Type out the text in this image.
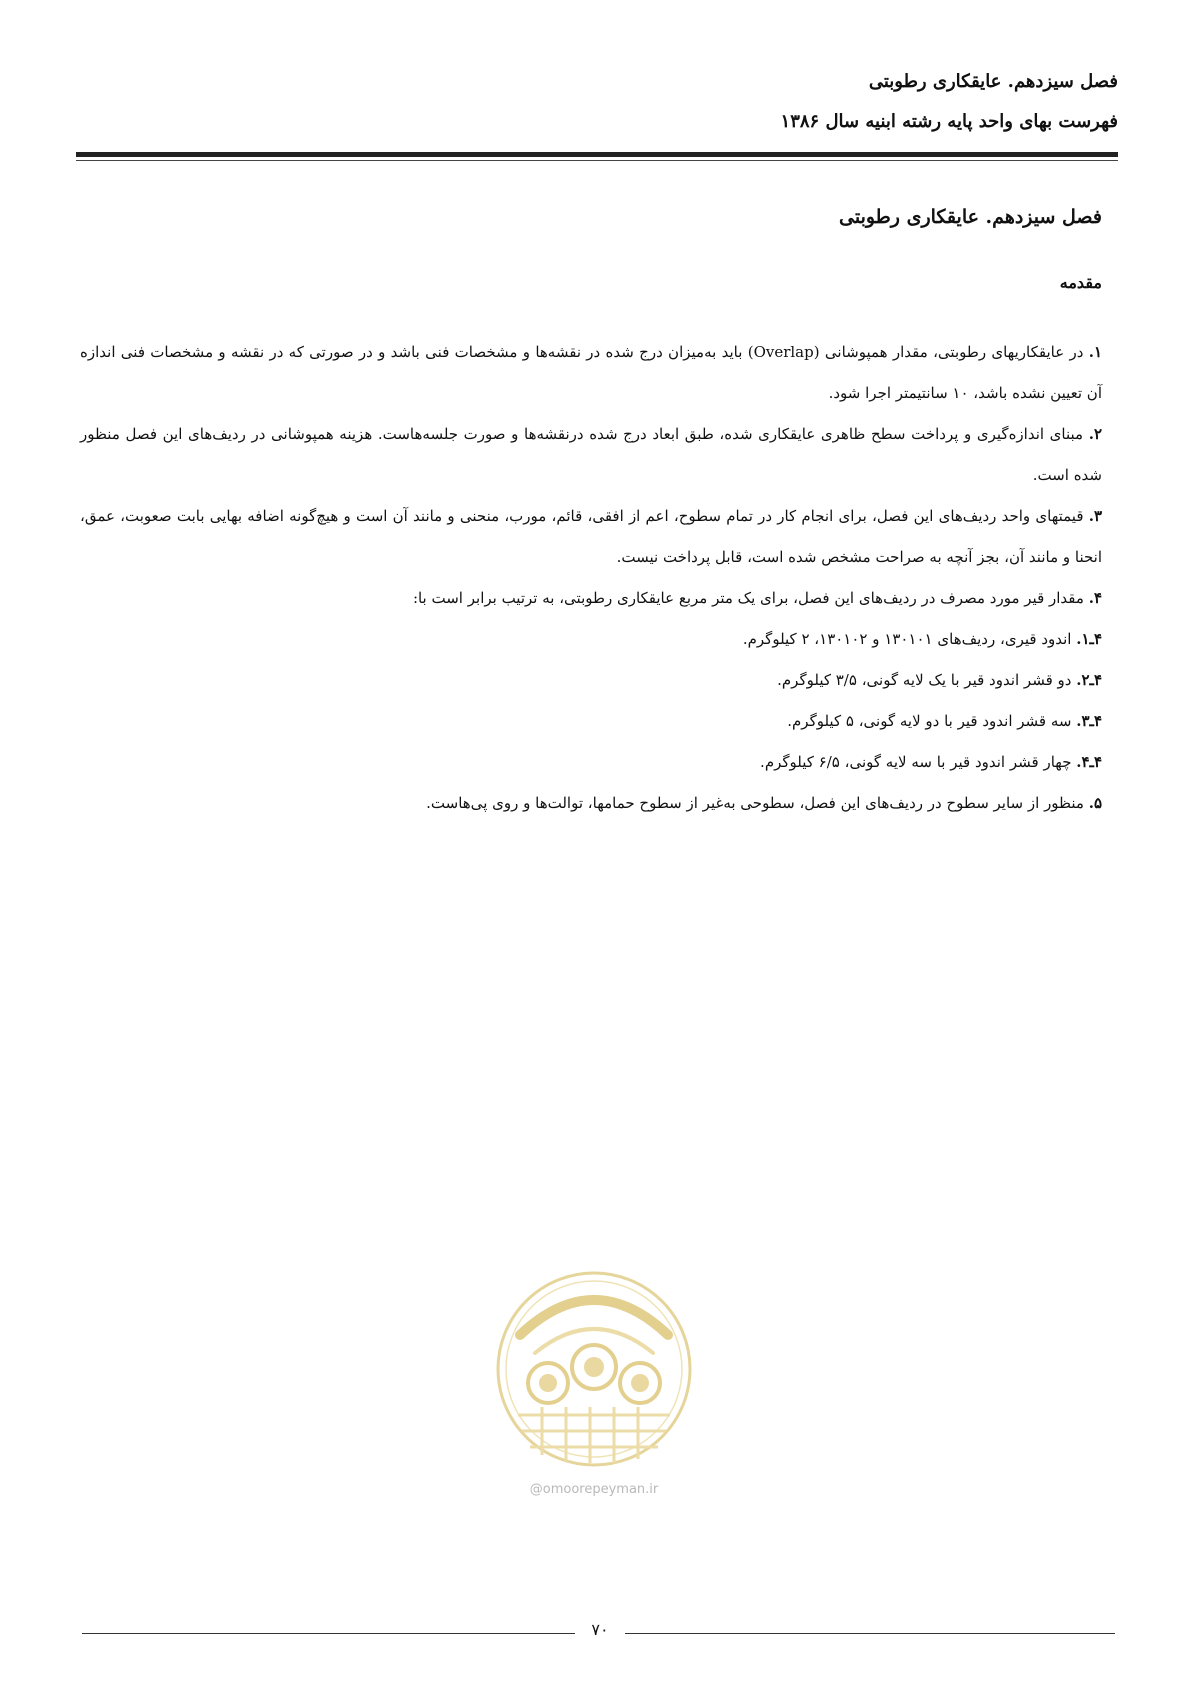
فصل سیزدهم. عایقکاری رطوبتی
فهرست بهای واحد پایه رشته ابنیه سال ۱۳۸۶
فصل سیزدهم. عایقکاری رطوبتی
مقدمه

۱. در عایقکاریهای رطوبتی، مقدار همپوشانی (Overlap) باید به‌میزان درج شده در نقشه‌ها و مشخصات فنی باشد و در صورتی که در نقشه و مشخصات فنی اندازه آن تعیین نشده باشد، ۱۰ سانتیمتر اجرا شود.

۲. مبنای اندازه‌گیری و پرداخت سطح ظاهری عایقکاری شده، طبق ابعاد درج شده درنقشه‌ها و صورت جلسه‌هاست. هزینه همپوشانی در ردیف‌های این فصل منظور شده است.

۳. قیمتهای واحد ردیف‌های این فصل، برای انجام کار در تمام سطوح، اعم از افقی، قائم، مورب، منحنی و مانند آن است و هیچ‌گونه اضافه بهایی بابت صعوبت، عمق، انحنا و مانند آن، بجز آنچه به صراحت مشخص شده است، قابل پرداخت نیست.

۴. مقدار قیر مورد مصرف در ردیف‌های این فصل، برای یک متر مربع عایقکاری رطوبتی، به ترتیب برابر است با:

۴ـ۱. اندود قیری، ردیف‌های ۱۳۰۱۰۱ و ۱۳۰۱۰۲، ۲ کیلوگرم.

۴ـ۲. دو قشر اندود قیر با یک لایه گونی، ۳/۵ کیلوگرم.

۴ـ۳. سه قشر اندود قیر با دو لایه گونی، ۵ کیلوگرم.

۴ـ۴. چهار قشر اندود قیر با سه لایه گونی، ۶/۵ کیلوگرم.

۵. منظور از سایر سطوح در ردیف‌های این فصل، سطوحی به‌غیر از سطوح حمامها، توالت‌ها و روی پی‌هاست.

@omoorepeyman.ir
۷۰
